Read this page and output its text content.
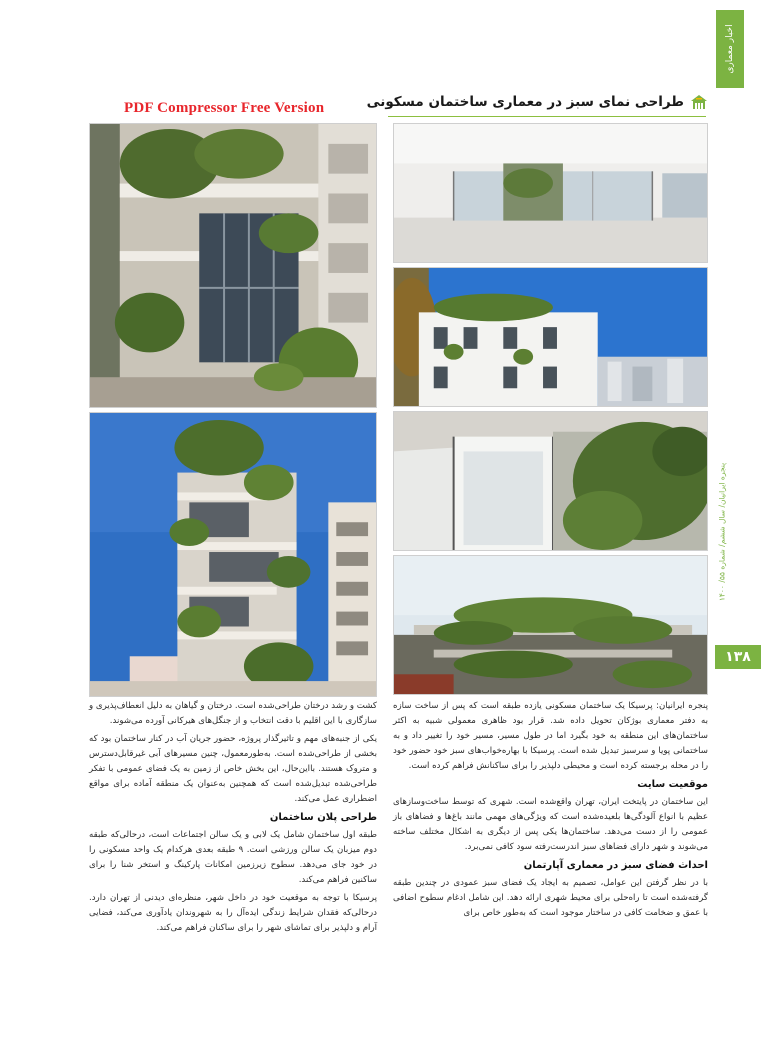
PDF Compressor Free Version
اخبار معماری
طراحی نمای سبز در معماری ساختمان مسکونی
پنجره ایرانیان/ سال ششم/ شماره ۵۵/ ۱۴۰۰
۱۳۸

پنجره ایرانیان: پرسیکا یک ساختمان مسکونی یازده طبقه است که پس از ساخت سازه به دفتر معماری بوژکان تحویل داده شد. قرار بود ظاهری معمولی شبیه به اکثر ساختمان‌های این منطقه به خود بگیرد اما در طول مسیر، مسیر خود را تغییر داد و به ساختمانی پویا و سرسبز تبدیل شده است. پرسیکا با بهاره‌خواب‌های سبز خود حضور خود را در محله برجسته کرده است و محیطی دلپذیر را برای ساکنانش فراهم کرده است.

موقعیت سایت

این ساختمان در پایتخت ایران، تهران واقع‌شده است. شهری که توسط ساخت‌وسازهای عظیم با انواع آلودگی‌ها بلعیده‌شده است که ویژگی‌های مهمی مانند باغ‌ها و فضاهای باز عمومی را از دست می‌دهد. ساختمان‌ها یکی پس از دیگری به اشکال مختلف ساخته می‌شوند و شهر دارای فضاهای سبز اندرست‌رفته سود کافی نمی‌برد.

احداث فضای سبز در معماری آپارتمان

با در نظر گرفتن این عوامل، تصمیم به ایجاد یک فضای سبز عمودی در چندین طبقه گرفته‌شده است تا راه‌حلی برای محیط شهری ارائه دهد. این شامل ادغام سطوح اضافی با عمق و ضخامت کافی در ساختار موجود است که به‌طور خاص برای

کشت و رشد درختان طراحی‌شده است. درختان و گیاهان به دلیل انعطاف‌پذیری و سازگاری با این اقلیم با دقت انتخاب و از جنگل‌های هیرکانی آورده می‌شوند.

یکی از جنبه‌های مهم و تاثیرگذار پروژه، حضور جریان آب در کنار ساختمان بود که بخشی از طراحی‌شده است. به‌طورمعمول، چنین مسیرهای آبی غیرقابل‌دسترس و متروک هستند. بااین‌حال، این بخش خاص از زمین به یک فضای عمومی با تفکر طراحی‌شده تبدیل‌شده است که همچنین به‌عنوان یک منطقه آماده برای مواقع اضطراری عمل می‌کند.

طراحی پلان ساختمان

طبقه اول ساختمان شامل یک لابی و یک سالن اجتماعات است، درحالی‌که طبقه دوم میزبان یک سالن ورزشی است. ۹ طبقه بعدی هرکدام یک واحد مسکونی را در خود جای می‌دهد. سطوح زیرزمین امکانات پارکینگ و استخر شنا را برای ساکنین فراهم می‌کند.

پرسیکا با توجه به موقعیت خود در داخل شهر، منظره‌ای دیدنی از تهران دارد. درحالی‌که فقدان شرایط زندگی ایده‌آل را به شهروندان یادآوری می‌کند، فضایی آرام و دلپذیر برای تماشای شهر را برای ساکنان فراهم می‌کند.
